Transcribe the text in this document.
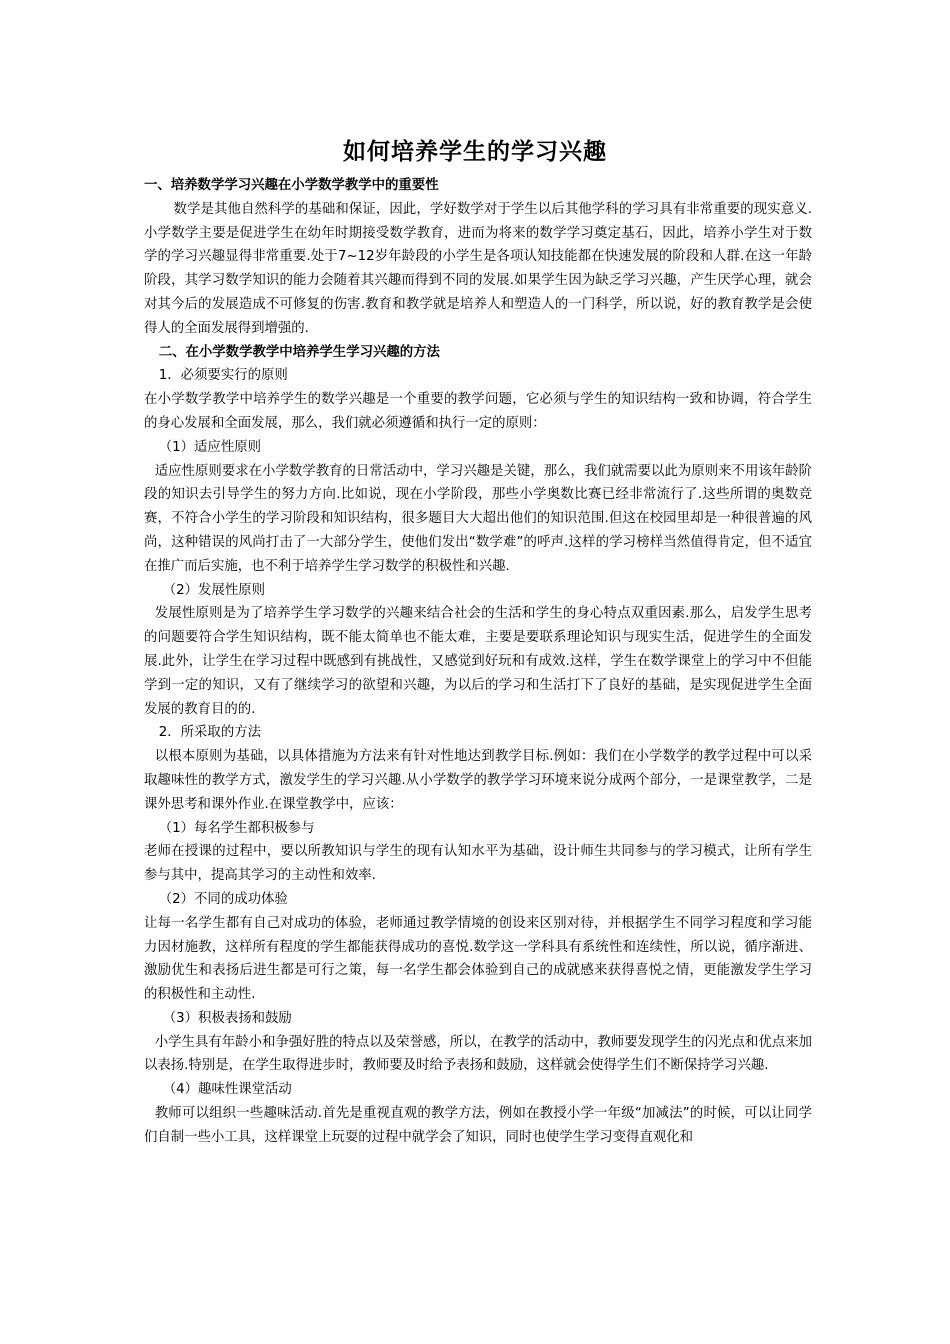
如何培养学生的学习兴趣

一、培养数学学习兴趣在小学数学教学中的重要性

数学是其他自然科学的基础和保证，因此，学好数学对于学生以后其他学科的学习具有非常重要的现实意义.小学数学主要是促进学生在幼年时期接受数学教育，进而为将来的数学学习奠定基石，因此，培养小学生对于数学的学习兴趣显得非常重要.处于7~12岁年龄段的小学生是各项认知技能都在快速发展的阶段和人群.在这一年龄阶段，其学习数学知识的能力会随着其兴趣而得到不同的发展.如果学生因为缺乏学习兴趣，产生厌学心理，就会对其今后的发展造成不可修复的伤害.教育和教学就是培养人和塑造人的一门科学，所以说，好的教育教学是会使得人的全面发展得到增强的.

二、在小学数学教学中培养学生学习兴趣的方法

1．必须要实行的原则

在小学数学教学中培养学生的数学兴趣是一个重要的教学问题，它必须与学生的知识结构一致和协调，符合学生的身心发展和全面发展，那么，我们就必须遵循和执行一定的原则：

（1）适应性原则

适应性原则要求在小学数学教育的日常活动中，学习兴趣是关键，那么，我们就需要以此为原则来不用该年龄阶段的知识去引导学生的努力方向.比如说，现在小学阶段，那些小学奥数比赛已经非常流行了.这些所谓的奥数竞赛，不符合小学生的学习阶段和知识结构，很多题目大大超出他们的知识范围.但这在校园里却是一种很普遍的风尚，这种错误的风尚打击了一大部分学生，使他们发出“数学难”的呼声.这样的学习榜样当然值得肯定，但不适宜在推广而后实施，也不利于培养学生学习数学的积极性和兴趣.

（2）发展性原则

发展性原则是为了培养学生学习数学的兴趣来结合社会的生活和学生的身心特点双重因素.那么，启发学生思考的问题要符合学生知识结构，既不能太简单也不能太难，主要是要联系理论知识与现实生活，促进学生的全面发展.此外，让学生在学习过程中既感到有挑战性，又感觉到好玩和有成效.这样，学生在数学课堂上的学习中不但能学到一定的知识，又有了继续学习的欲望和兴趣，为以后的学习和生活打下了良好的基础，是实现促进学生全面发展的教育目的的.

2．所采取的方法

以根本原则为基础，以具体措施为方法来有针对性地达到教学目标.例如：我们在小学数学的教学过程中可以采取趣味性的教学方式，激发学生的学习兴趣.从小学数学的教学学习环境来说分成两个部分，一是课堂教学，二是课外思考和课外作业.在课堂教学中，应该：

（1）每名学生都积极参与

老师在授课的过程中，要以所教知识与学生的现有认知水平为基础，设计师生共同参与的学习模式，让所有学生参与其中，提高其学习的主动性和效率.

（2）不同的成功体验

让每一名学生都有自己对成功的体验，老师通过教学情境的创设来区别对待，并根据学生不同学习程度和学习能力因材施教，这样所有程度的学生都能获得成功的喜悦.数学这一学科具有系统性和连续性，所以说，循序渐进、激励优生和表扬后进生都是可行之策，每一名学生都会体验到自己的成就感来获得喜悦之情，更能激发学生学习的积极性和主动性.

（3）积极表扬和鼓励

小学生具有年龄小和争强好胜的特点以及荣誉感，所以，在教学的活动中，教师要发现学生的闪光点和优点来加以表扬.特别是，在学生取得进步时，教师要及时给予表扬和鼓励，这样就会使得学生们不断保持学习兴趣.

（4）趣味性课堂活动

教师可以组织一些趣味活动.首先是重视直观的教学方法，例如在教授小学一年级“加减法”的时候，可以让同学们自制一些小工具，这样课堂上玩耍的过程中就学会了知识，同时也使学生学习变得直观化和
